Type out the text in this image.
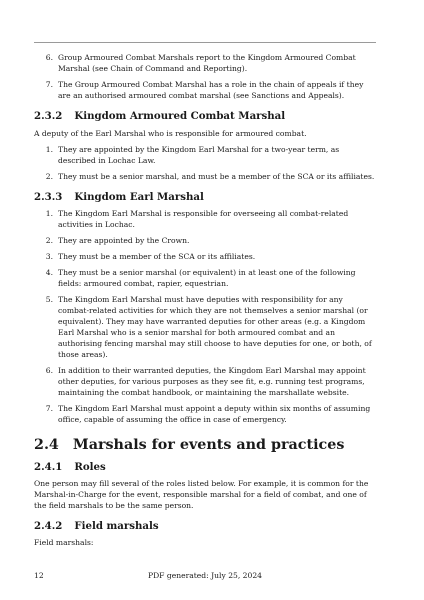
6. Group Armoured Combat Marshals report to the Kingdom Armoured Combat Marshal (see Chain of Command and Reporting).
7. The Group Armoured Combat Marshal has a role in the chain of appeals if they are an authorised armoured combat marshal (see Sanctions and Appeals).
2.3.2 Kingdom Armoured Combat Marshal

A deputy of the Earl Marshal who is responsible for armoured combat.

1. They are appointed by the Kingdom Earl Marshal for a two-year term, as described in Lochac Law.
2. They must be a senior marshal, and must be a member of the SCA or its affiliates.
2.3.3 Kingdom Earl Marshal
1. The Kingdom Earl Marshal is responsible for overseeing all combat-related activities in Lochac.
2. They are appointed by the Crown.
3. They must be a member of the SCA or its affiliates.
4. They must be a senior marshal (or equivalent) in at least one of the following fields: armoured combat, rapier, equestrian.
5. The Kingdom Earl Marshal must have deputies with responsibility for any combat-related activities for which they are not themselves a senior marshal (or equivalent). They may have warranted deputies for other areas (e.g. a Kingdom Earl Marshal who is a senior marshal for both armoured combat and an authorising fencing marshal may still choose to have deputies for one, or both, of those areas).
6. In addition to their warranted deputies, the Kingdom Earl Marshal may appoint other deputies, for various purposes as they see fit, e.g. running test programs, maintaining the combat handbook, or maintaining the marshallate website.
7. The Kingdom Earl Marshal must appoint a deputy within six months of assuming office, capable of assuming the office in case of emergency.
2.4 Marshals for events and practices
2.4.1 Roles

One person may fill several of the roles listed below. For example, it is common for the Marshal-in-Charge for the event, responsible marshal for a field of combat, and one of the field marshals to be the same person.

2.4.2 Field marshals

Field marshals:

12	PDF generated: July 25, 2024
